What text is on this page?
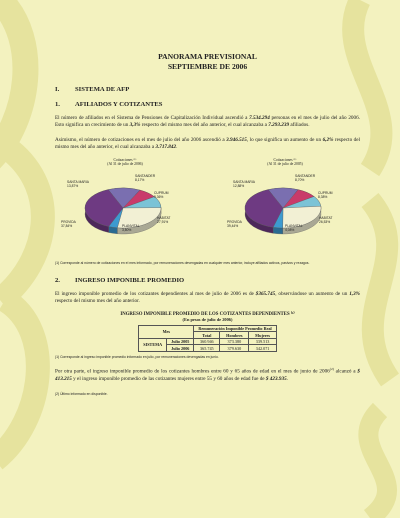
PANORAMA PREVISIONAL
SEPTIEMBRE DE 2006
I.	SISTEMA DE AFP
1.	AFILIADOS Y COTIZANTES
El número de afiliados en el Sistema de Pensiones de Capitalización Individual ascendió a 7.534.294 personas en el mes de julio del año 2006. Esto significa un crecimiento de un 3,3% respecto del mismo mes del año anterior, el cual alcanzaba a 7.293.239 afiliados.
Asimismo, el número de cotizaciones en el mes de julio del año 2006 ascendió a 3.946.515, lo que significa un aumento de un 6,2% respecto del mismo mes del año anterior, el cual alcanzaba a 3.717.842.
Cotizaciones ⁽¹⁾
(Al 31 de julio de 2006)
SANTA MARIA
13,87%
SANTANDER
8,17%
CUPRUM
9,36%
HABITAT
27,91%
PLANVITAL
3,80%
PROVIDA
37,84%
Cotizaciones ⁽¹⁾
(Al 31 de julio de 2005)
SANTA MARIA
12,88%
SANTANDER
8,70%
CUPRUM
8,38%
HABITAT
26,53%
PLANVITAL
4,08%
PROVIDA
39,44%
(1) Corresponde al número de cotizaciones en el mes informado, por remuneraciones devengadas en cualquier mes anterior, incluye afiliados activos, pasivos y rezagos.
2.	INGRESO IMPONIBLE PROMEDIO
El ingreso imponible promedio de los cotizantes dependientes al mes de julio de 2006 es de $365.745, observándose un aumento de un 1,3% respecto del mismo mes del año anterior.
INGRESO IMPONIBLE PROMEDIO DE LOS COTIZANTES DEPENDIENTES ⁽¹⁾
(En pesos de julio de 2006)
Mes		Remuneración Imponible Promedio Real		
		Total	Hombres	Mujeres
SISTEMA	Julio 2005	360.946	373.380	339.513
	Julio 2006	365.745	379.630	342.071
(1) Corresponde al ingreso imponible promedio informado en julio, por remuneraciones devengadas en junio.
Por otra parte, el ingreso imponible promedio de los cotizantes hombres entre 60 y 65 años de edad en el mes de junio de 2006$^{(2)}$ alcanzó a $ 413.215 y el ingreso imponible promedio de las cotizantes mujeres entre 55 y 60 años de edad fue de $ 423.935.
(2) Último informado en disponible.
